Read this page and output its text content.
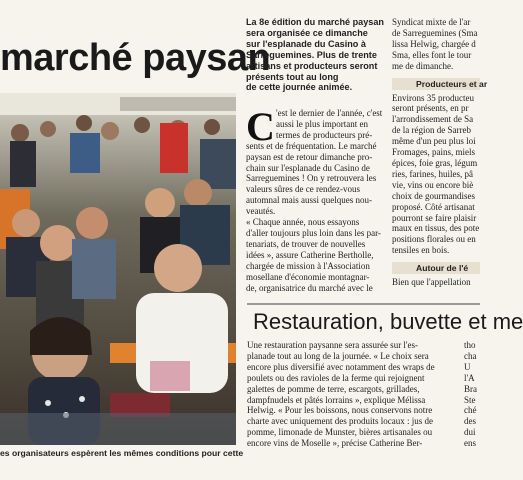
marché paysan
es organisateurs espèrent les mêmes conditions pour cette
La 8e édition du marché paysan
sera organisée ce dimanche
sur l'esplanade du Casino à
Sarreguemines. Plus de trente
artisans et producteurs seront
présents tout au long
de cette journée animée.
C 'est le dernier de l'année, c'est
aussi le plus important en
termes de producteurs pré-
sents et de fréquentation. Le marché
paysan est de retour dimanche pro-
chain sur l'esplanade du Casino de
Sarreguemines ! On y retrouvera les
valeurs sûres de ce rendez-vous
automnal mais aussi quelques nou-
veautés.
« Chaque année, nous essayons
d'aller toujours plus loin dans les par-
tenariats, de trouver de nouvelles
idées », assure Catherine Bertholle,
chargée de mission à l'Association
mosellane d'économie montagnar-
de, organisatrice du marché avec le
Syndicat mixte de l'ar
de Sarreguemines (Sma
lissa Helwig, chargée d
Sma, elles font le tour
me de dimanche.
Producteurs et ar
Environs 35 producteu
seront présents, en pr
l'arrondissement de Sa
de la région de Sarreb
même d'un peu plus loi
Fromages, pains, miels
épices, foie gras, légum
ries, farines, huiles, pâ
vie, vins ou encore biè
choix de gourmandises
proposé. Côté artisanat
pourront se faire plaisir
maux en tissus, des pote
positions florales ou en
tensiles en bois.
Autour de l'é
Bien que l'appellation
Restauration, buvette et me
Une restauration paysanne sera assurée sur l'es-
planade tout au long de la journée. « Le choix sera
encore plus diversifié avec notamment des wraps de
poulets ou des ravioles de la ferme qui rejoignent
galettes de pomme de terre, escargots, grillades,
dampfnudels et pâtés lorrains », explique Mélissa
Helwig. « Pour les boissons, nous conservons notre
charte avec uniquement des produits locaux : jus de
pomme, limonade de Munster, bières artisanales ou
encore vins de Moselle », précise Catherine Ber-
tho
cha
U
l'A
Bra
Ste
ché
des
dui
ens
